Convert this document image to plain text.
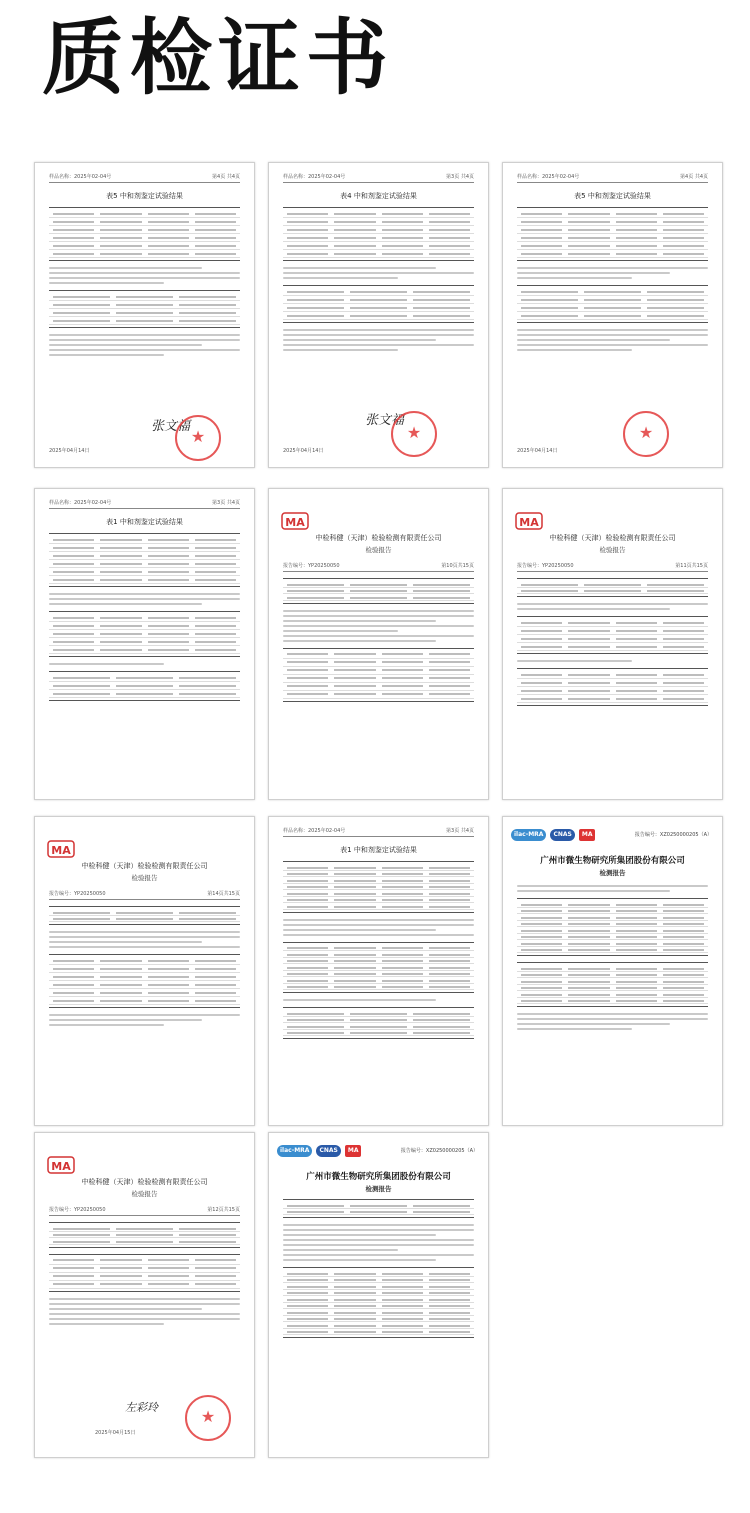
质检证书
样品名称：2025年02-04号	第4页 共4页
表5 中和剂鉴定试验结果
张文福
★
2025年04月14日
样品名称：2025年02-04号	第3页 共4页
表4 中和剂鉴定试验结果
张文福
★
2025年04月14日
样品名称：2025年02-04号	第4页 共4页
表5 中和剂鉴定试验结果
★
2025年04月14日
样品名称：2025年02-04号	第3页 共4页
表1 中和剂鉴定试验结果	MA
中检科健（天津）检验检测有限责任公司
检验报告
报告编号：YP20250050	第10页共15页
MA
中检科健（天津）检验检测有限责任公司
检验报告
报告编号：YP20250050	第11页共15页
MA
中检科健（天津）检验检测有限责任公司
检验报告
报告编号：YP20250050	第14页共15页
样品名称：2025年02-04号	第3页 共4页
表1 中和剂鉴定试验结果
ilac-MRA	CNAS	MA	报告编号：XZ0250000205（A）
广州市微生物研究所集团股份有限公司
检测报告
MA
中检科健（天津）检验检测有限责任公司
检验报告
报告编号：YP20250050	第12页共15页
左彩玲	★
2025年04月15日
ilac-MRA	CNAS	MA	报告编号：XZ0250000205（A）
广州市微生物研究所集团股份有限公司
检测报告
